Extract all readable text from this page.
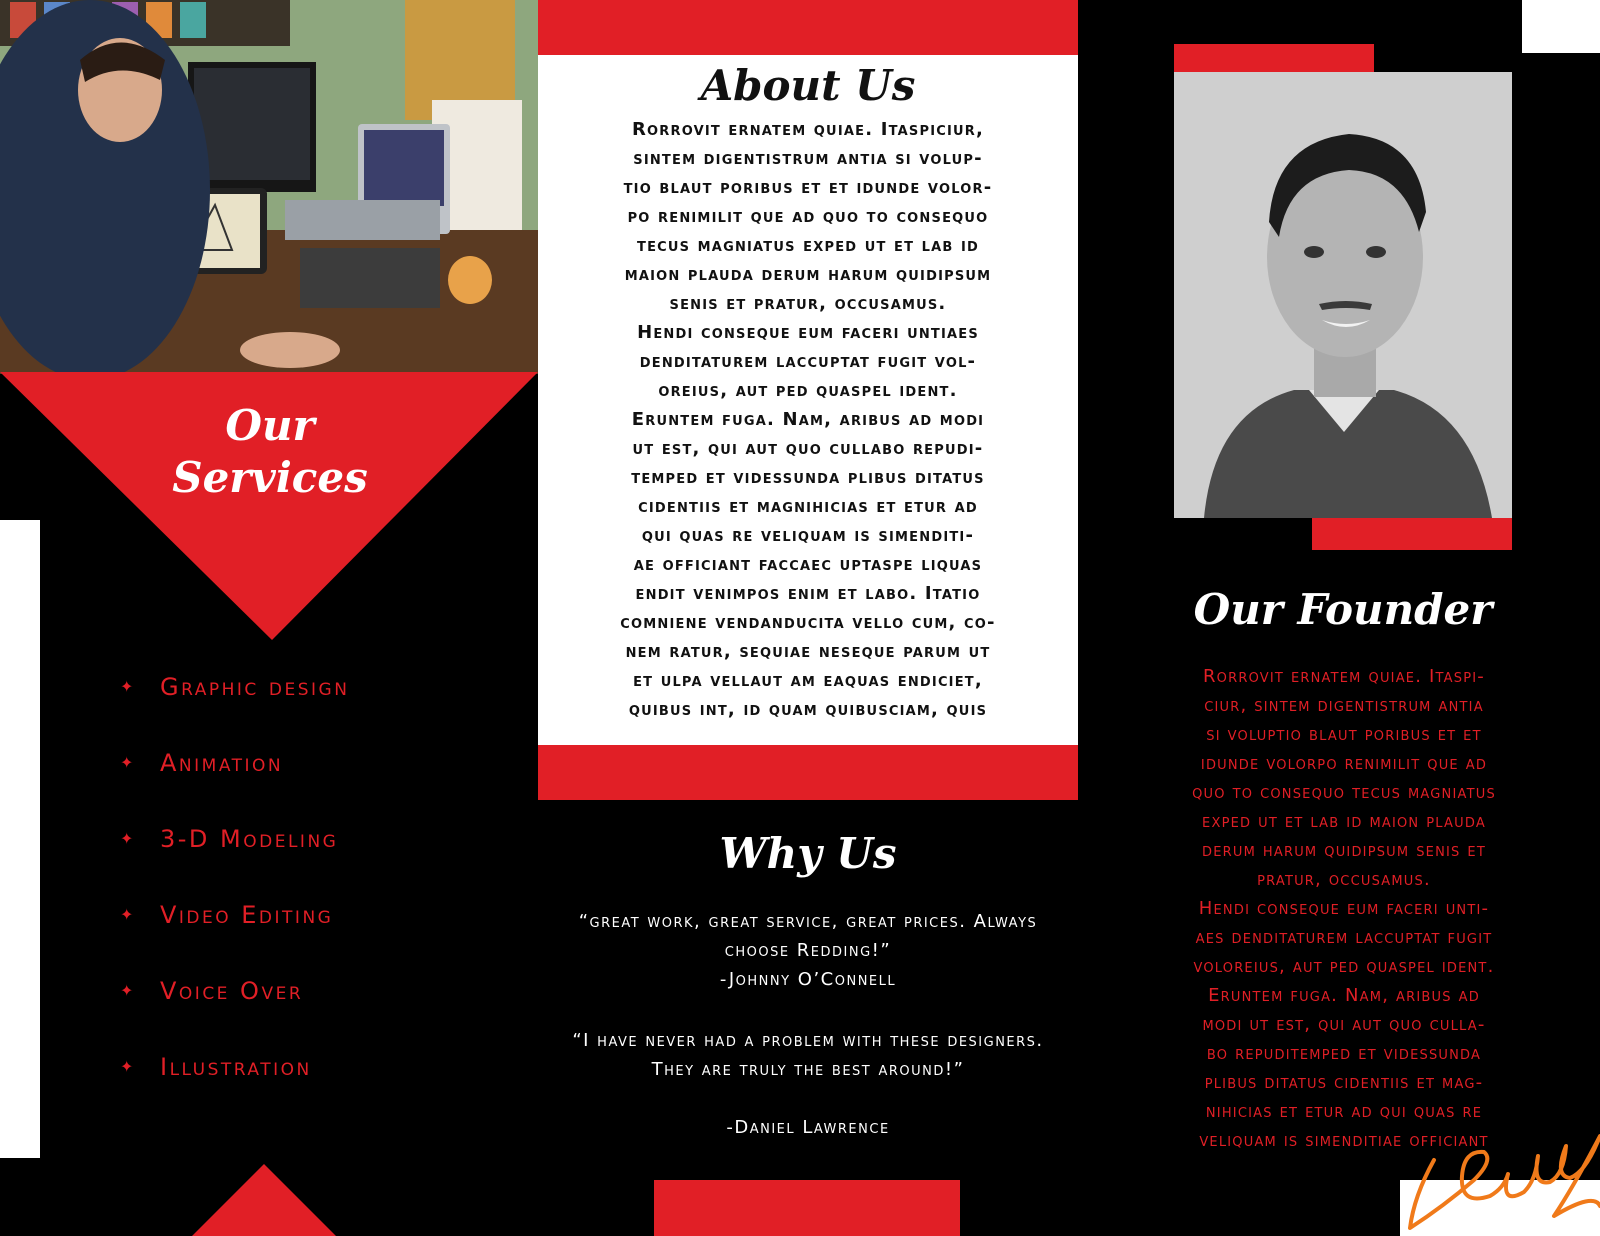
Our
Services
✦	Graphic design
✦	Animation
✦	3-D Modeling
✦	Video Editing
✦	Voice Over
✦	Illustration
About Us
Rorrovit ernatem quiae. Itaspiciur,
sintem digentistrum antia si volup-
tio blaut poribus et et idunde volor-
po renimilit que ad quo to consequo
tecus magniatus exped ut et lab id
maion plauda derum harum quidipsum
senis et pratur, occusamus.
Hendi conseque eum faceri untiaes
denditaturem laccuptat fugit vol-
oreius, aut ped quaspel ident.
Eruntem fuga. Nam, aribus ad modi
ut est, qui aut quo cullabo repudi-
temped et videssunda plibus ditatus
cidentiis et magnihicias et etur ad
qui quas re veliquam is simenditi-
ae officiant faccaec uptaspe liquas
endit venimpos enim et labo. Itatio
comniene vendanducita vello cum, co-
nem ratur, sequiae neseque parum ut
et ulpa vellaut am eaquas endiciet,
quibus int, id quam quibusciam, quis
Why Us
“great work, great service, great prices. Always choose Redding!”
-Johnny O’Connell
“I have never had a problem with these designers. They are truly the best around!”
-Daniel Lawrence
Our Founder
Rorrovit ernatem quiae. Itaspi-
ciur, sintem digentistrum antia
si voluptio blaut poribus et et
idunde volorpo renimilit que ad
quo to consequo tecus magniatus
exped ut et lab id maion plauda
derum harum quidipsum senis et
pratur, occusamus.
Hendi conseque eum faceri unti-
aes denditaturem laccuptat fugit
voloreius, aut ped quaspel ident.
Eruntem fuga. Nam, aribus ad
modi ut est, qui aut quo culla-
bo repuditemped et videssunda
plibus ditatus cidentiis et mag-
nihicias et etur ad qui quas re
veliquam is simenditiae officiant
